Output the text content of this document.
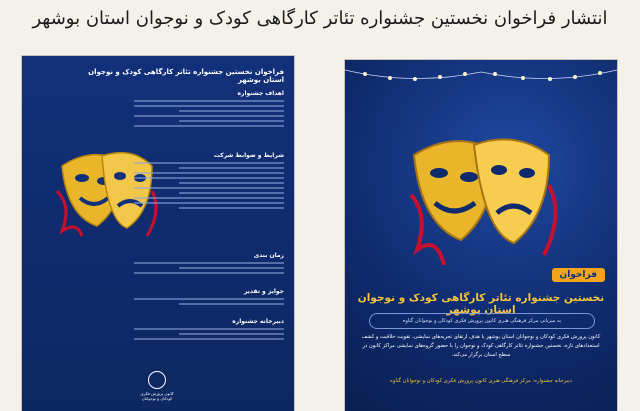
انتشار فراخوان نخستین جشنواره تئاتر کارگاهی کودک و نوجوان استان بوشهر
فراخوان نخستین جشنواره تئاتر کارگاهی کودک و نوجوان استان بوشهر
اهداف جشنواره
شرایط و ضوابط شرکت
زمان بندی
جوایز و تقدیر
دبیرخانه جشنواره
کانون پرورش فکری کودکان و نوجوانان
فراخوان
نخستین جشنواره تئاتر کارگاهی کودک و نوجوان استان بوشهر
به میزبانی مرکز فرهنگی هنری کانون پرورش فکری کودکان و نوجوانان گناوه
کانون پرورش فکری کودکان و نوجوانان استان بوشهر با هدف ارتقای تجربه‌های نمایشی، تقویت خلاقیت و کشف استعدادهای تازه، نخستین جشنواره تئاتر کارگاهی کودک و نوجوان را با حضور گروه‌های نمایشی مراکز کانون در سطح استان برگزار می‌کند.
دبیرخانه جشنواره: مرکز فرهنگی هنری کانون پرورش فکری کودکان و نوجوانان گناوه
